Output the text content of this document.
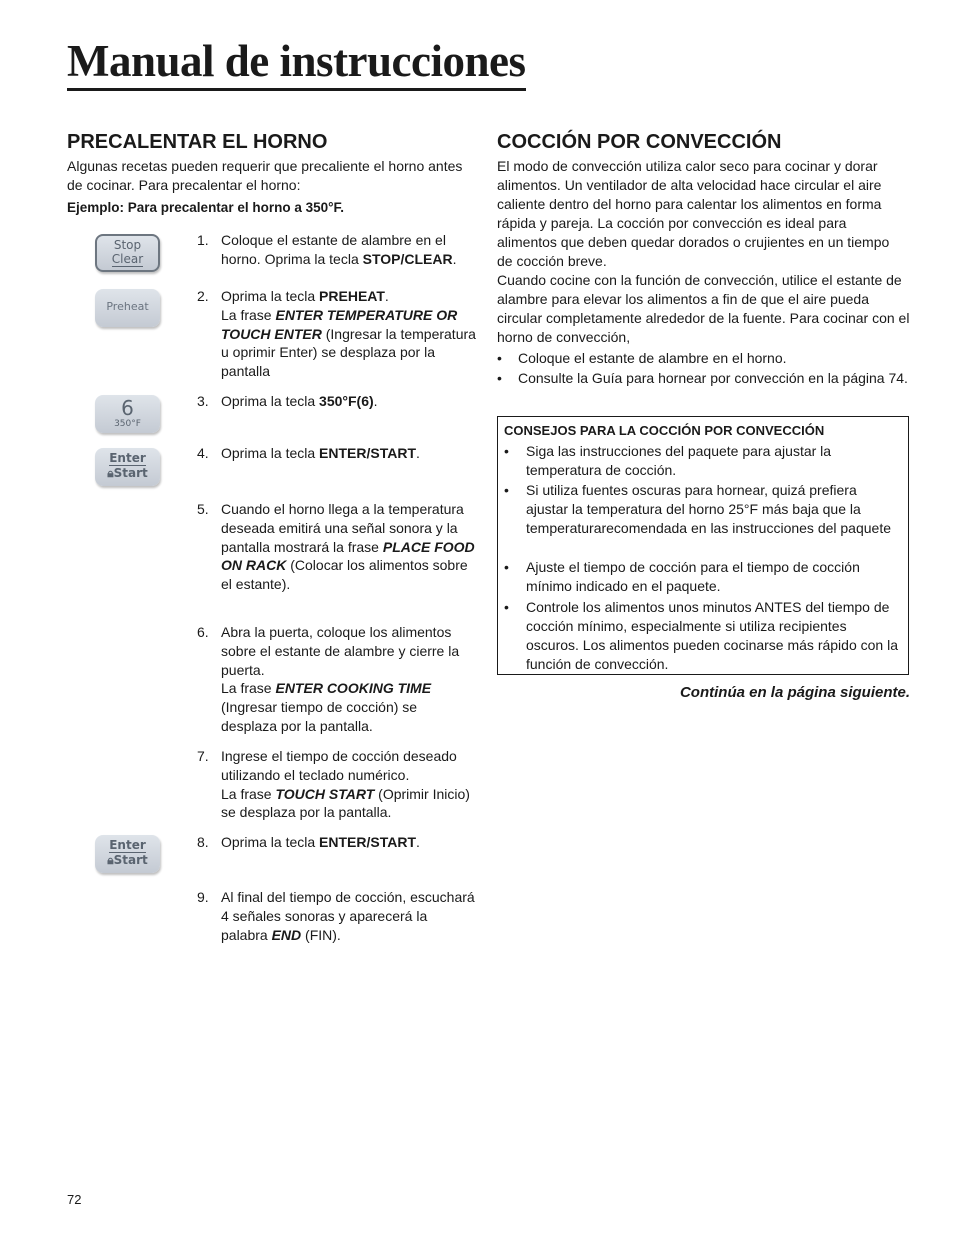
Manual de instrucciones
PRECALENTAR EL HORNO

Algunas recetas pueden requerir que precaliente el horno antes de cocinar. Para precalentar el horno:

Ejemplo: Para precalentar el horno a 350°F.

Stop
Clear
Preheat
6
350°F
Enter
🔒︎Start
Enter
🔒︎Start
1. Coloque el estante de alambre en el horno. Oprima la tecla STOP/CLEAR.
2. Oprima la tecla PREHEAT.
La frase ENTER TEMPERATURE OR TOUCH ENTER (Ingresar la temperatura u oprimir Enter) se desplaza por la pantalla
3. Oprima la tecla 350°F(6).
4. Oprima la tecla ENTER/START.
5. Cuando el horno llega a la temperatura deseada emitirá una señal sonora y la pantalla mostrará la frase PLACE FOOD ON RACK (Colocar los alimentos sobre el estante).
6. Abra la puerta, coloque los alimentos sobre el estante de alambre y cierre la puerta.
La frase ENTER COOKING TIME (Ingresar tiempo de cocción) se desplaza por la pantalla.
7. Ingrese el tiempo de cocción deseado utilizando el teclado numérico.
La frase TOUCH START (Oprimir Inicio) se desplaza por la pantalla.
8. Oprima la tecla ENTER/START.
9. Al final del tiempo de cocción, escuchará 4 señales sonoras y aparecerá la palabra END (FIN).
COCCIÓN POR CONVECCIÓN

El modo de convección utiliza calor seco para cocinar y dorar alimentos. Un ventilador de alta velocidad hace circular el aire caliente dentro del horno para calentar los alimentos en forma rápida y pareja. La cocción por convección es ideal para alimentos que deben quedar dorados o crujientes en un tiempo de cocción breve.

Cuando cocine con la función de convección, utilice el estante de alambre para elevar los alimentos a fin de que el aire pueda circular completamente alrededor de la fuente. Para cocinar con el horno de convección,

• Coloque el estante de alambre en el horno.
• Consulte la Guía para hornear por convección en la página 74.

CONSEJOS PARA LA COCCIÓN POR CONVECCIÓN

• Siga las instrucciones del paquete para ajustar la temperatura de cocción.
• Si utiliza fuentes oscuras para hornear, quizá prefiera ajustar la temperatura del horno 25°F más baja que la temperaturarecomendada en las instrucciones del paquete
• Ajuste el tiempo de cocción para el tiempo de cocción mínimo indicado en el paquete.
• Controle los alimentos unos minutos ANTES del tiempo de cocción mínimo, especialmente si utiliza recipientes oscuros. Los alimentos pueden cocinarse más rápido con la función de convección.

Continúa en la página siguiente.

72
